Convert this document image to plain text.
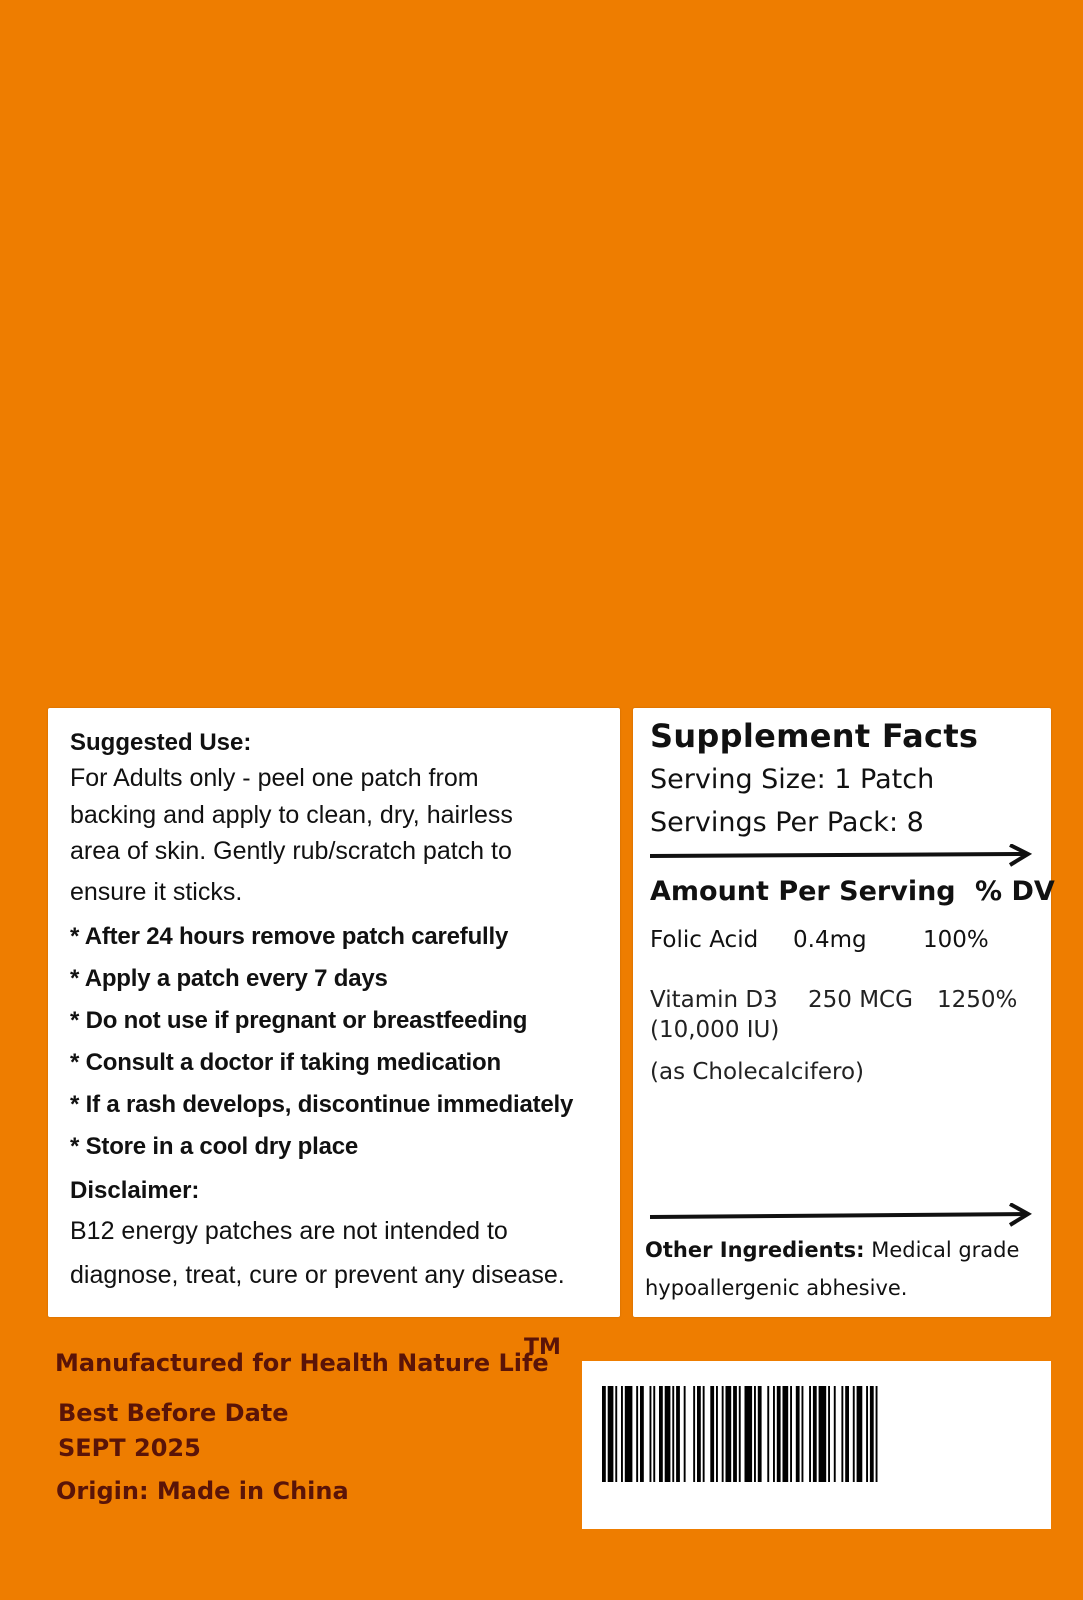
Suggested Use:

For Adults only - peel one patch from

backing and apply to clean, dry, hairless

area of skin. Gently rub/scratch patch to

ensure it sticks.

* After 24 hours remove patch carefully
* Apply a patch every 7 days
* Do not use if pregnant or breastfeeding
* Consult a doctor if taking medication
* If a rash develops, discontinue immediately
* Store in a cool dry place

Disclaimer:

B12 energy patches are not intended to

diagnose, treat, cure or prevent any disease.

Supplement Facts
Serving Size: 1 Patch
Servings Per Pack: 8
Amount Per Serving % DV
Folic Acid 0.4mg 100%
Vitamin D3 250 MCG 1250%
(10,000 IU)
(as Cholecalcifero)
Other Ingredients: Medical grade
hypoallergenic abhesive.
Manufactured for Health Nature Life
TM
Best Before Date
SEPT 2025
Origin: Made in China
